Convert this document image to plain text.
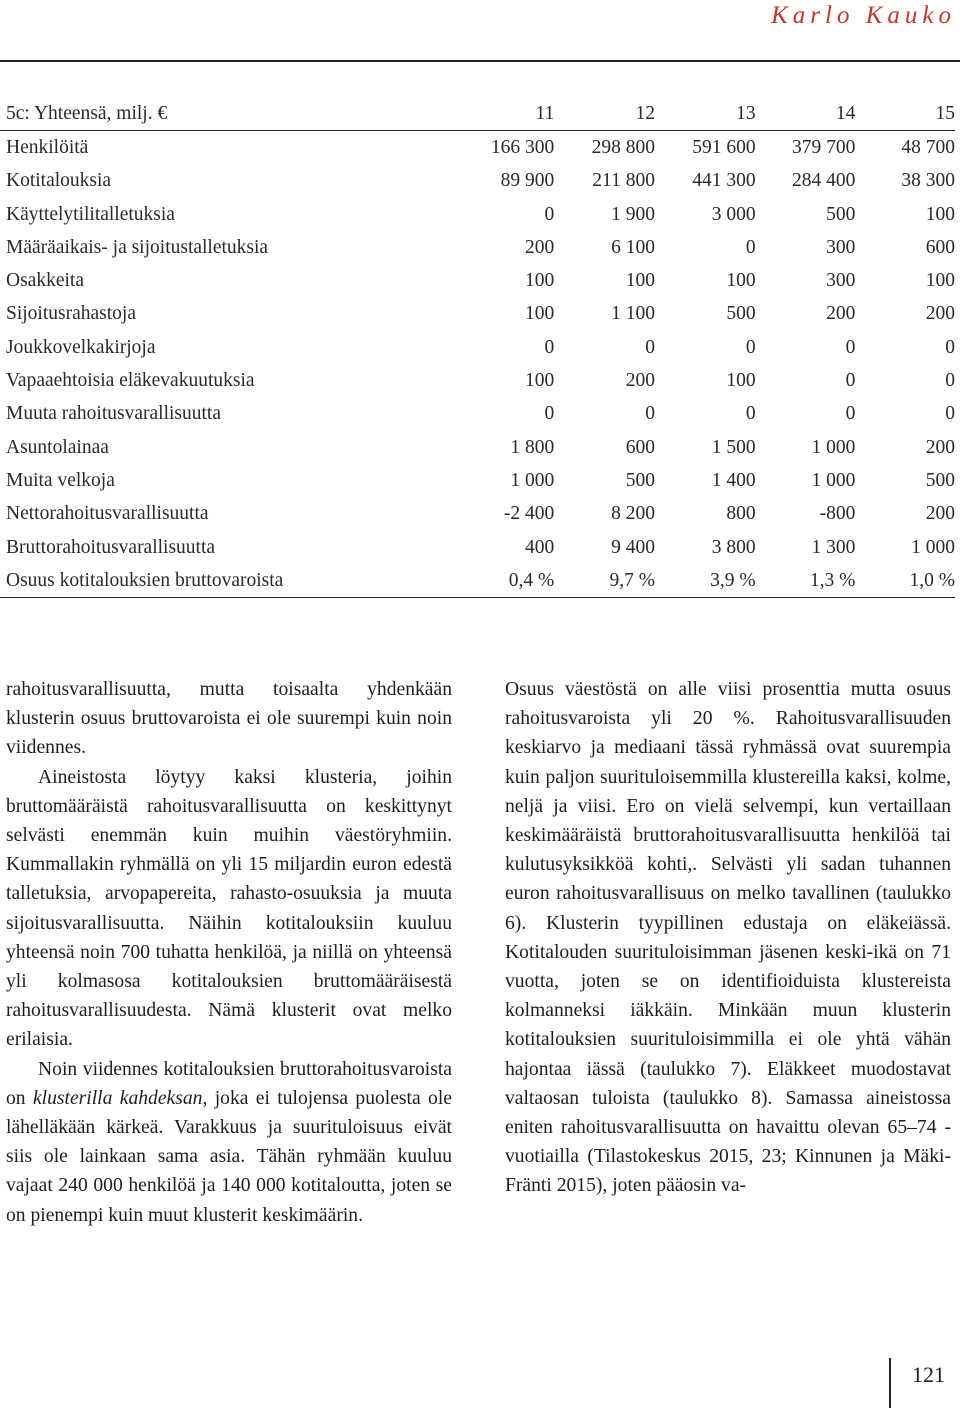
Karlo Kauko
5c: Yhteensä, milj. €	11	12	13	14	15
Henkilöitä	166 300	298 800	591 600	379 700	48 700
Kotitalouksia	89 900	211 800	441 300	284 400	38 300
Käyttelytilitalletuksia	0	1 900	3 000	500	100
Määräaikais- ja sijoitustalletuksia	200	6 100	0	300	600
Osakkeita	100	100	100	300	100
Sijoitusrahastoja	100	1 100	500	200	200
Joukkovelkakirjoja	0	0	0	0	0
Vapaaehtoisia eläkevakuutuksia	100	200	100	0	0
Muuta rahoitusvarallisuutta	0	0	0	0	0
Asuntolainaa	1 800	600	1 500	1 000	200
Muita velkoja	1 000	500	1 400	1 000	500
Nettorahoitusvarallisuutta	-2 400	8 200	800	-800	200
Bruttorahoitusvarallisuutta	400	9 400	3 800	1 300	1 000
Osuus kotitalouksien bruttovaroista	0,4 %	9,7 %	3,9 %	1,3 %	1,0 %

rahoitusvarallisuutta, mutta toisaalta yhdenkään klusterin osuus bruttovaroista ei ole suurempi kuin noin viidennes.

Aineistosta löytyy kaksi klusteria, joihin bruttomääräistä rahoitusvarallisuutta on keskittynyt selvästi enemmän kuin muihin väestöryhmiin. Kummallakin ryhmällä on yli 15 miljardin euron edestä talletuksia, arvopapereita, rahasto-osuuksia ja muuta sijoitusvarallisuutta. Näihin kotitalouksiin kuuluu yhteensä noin 700 tuhatta henkilöä, ja niillä on yhteensä yli kolmasosa kotitalouksien bruttomääräisestä rahoitusvarallisuudesta. Nämä klusterit ovat melko erilaisia.

Noin viidennes kotitalouksien bruttorahoitusvaroista on klusterilla kahdeksan, joka ei tulojensa puolesta ole lähelläkään kärkeä. Varakkuus ja suurituloisuus eivät siis ole lainkaan sama asia. Tähän ryhmään kuuluu vajaat 240 000 henkilöä ja 140 000 kotitaloutta, joten se on pienempi kuin muut klusterit keskimäärin.

Osuus väestöstä on alle viisi prosenttia mutta osuus rahoitusvaroista yli 20 %. Rahoitusvarallisuuden keskiarvo ja mediaani tässä ryhmässä ovat suurempia kuin paljon suurituloisemmilla klustereilla kaksi, kolme, neljä ja viisi. Ero on vielä selvempi, kun vertaillaan keskimääräistä bruttorahoitusvarallisuutta henkilöä tai kulutusyksikköä kohti,. Selvästi yli sadan tuhannen euron rahoitusvarallisuus on melko tavallinen (taulukko 6). Klusterin tyypillinen edustaja on eläkeiässä. Kotitalouden suurituloisimman jäsenen keski-ikä on 71 vuotta, joten se on identifioiduista klustereista kolmanneksi iäkkäin. Minkään muun klusterin kotitalouksien suurituloisimmilla ei ole yhtä vähän hajontaa iässä (taulukko 7). Eläkkeet muodostavat valtaosan tuloista (taulukko 8). Samassa aineistossa eniten rahoitusvarallisuutta on havaittu olevan 65–74 -vuotiailla (Tilastokeskus 2015, 23; Kinnunen ja Mäki-Fränti 2015), joten pääosin va-

121
